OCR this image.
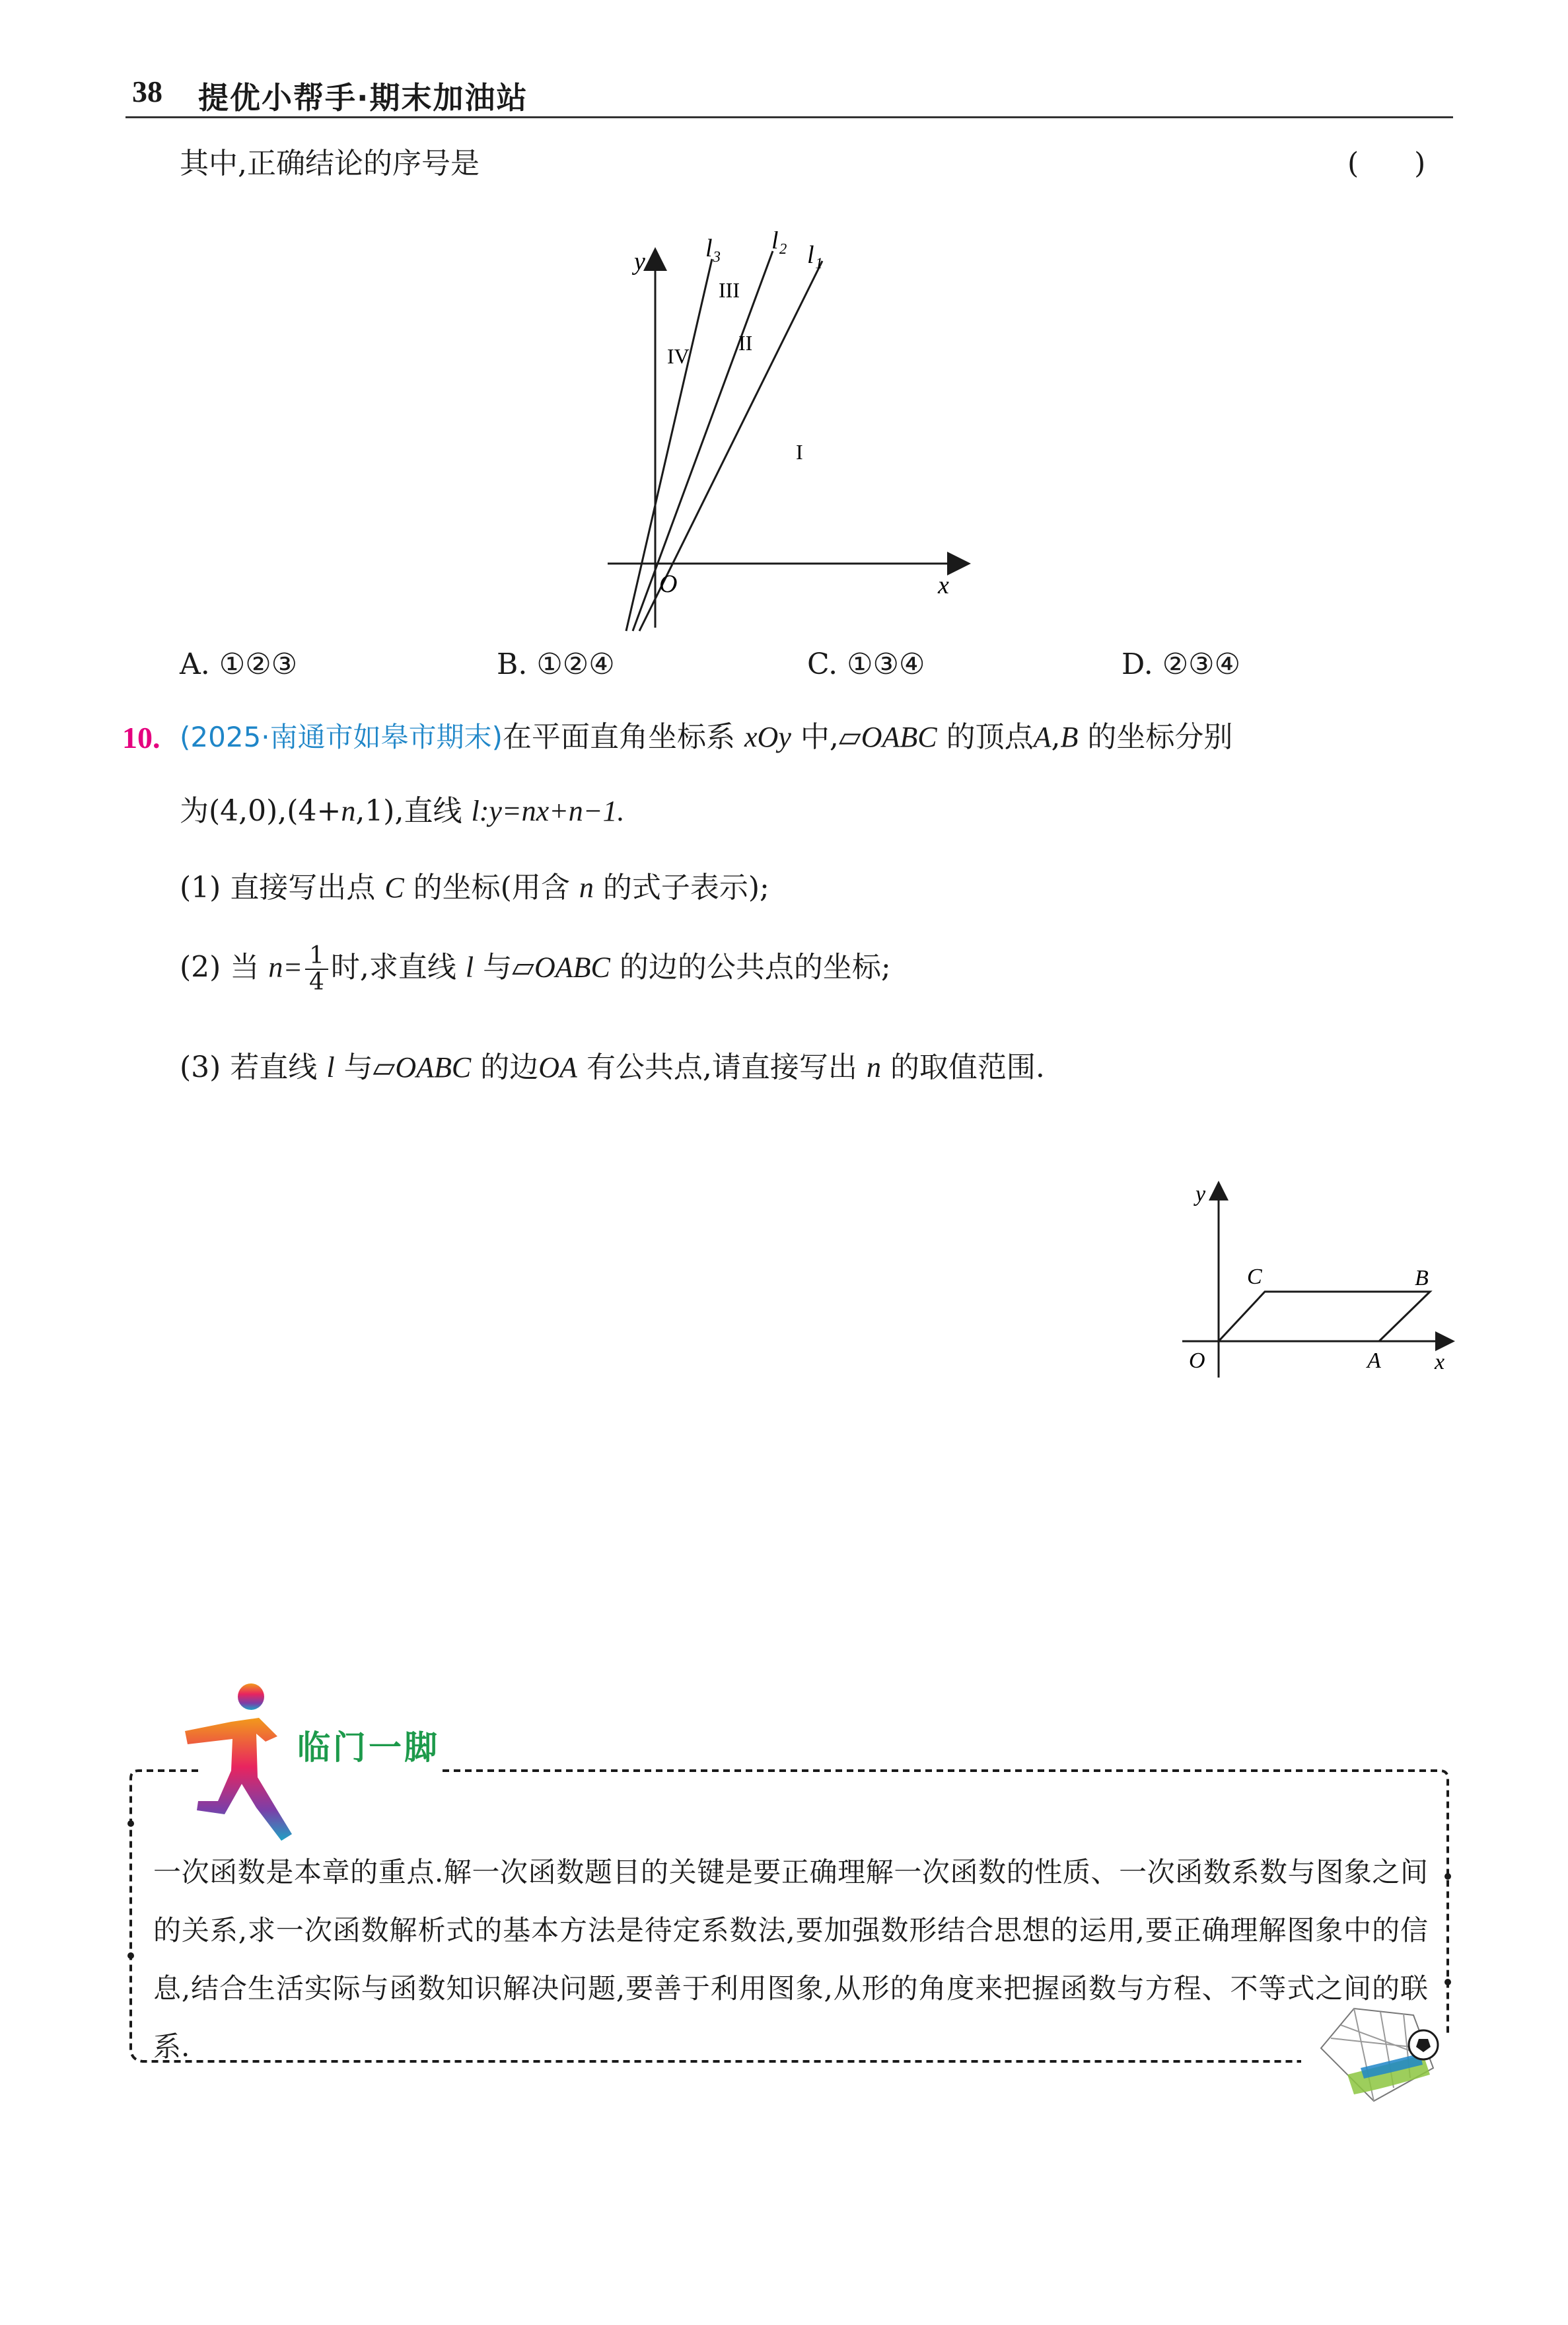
38 提优小帮手·期末加油站
其中,正确结论的序号是	(      )
y
x
O
l₃ l₂
l₁
IV
III
II
I
A. ①②③	B. ①②④	C. ①③④	D. ②③④
10. (2025·南通市如皋市期末)在平面直角坐标系 xOy 中,▱OABC 的顶点A,B 的坐标分别
为(4,0),(4+n,1),直线 l:y=nx+n−1.
(1) 直接写出点 C 的坐标(用含 n 的式子表示);
(2) 当 $n= \frac{1}{4}$ 时,求直线 l 与▱OABC 的边的公共点的坐标;
(3) 若直线 l 与▱OABC 的边OA 有公共点,请直接写出 n 的取值范围.
y
x
O
C	B
A
临门一脚
一次函数是本章的重点.解一次函数题目的关键是要正确理解一次函数的性质、一次函数系数与图象之间的关系,求一次函数解析式的基本方法是待定系数法,要加强数形结合思想的运用,要正确理解图象中的信息,结合生活实际与函数知识解决问题,要善于利用图象,从形的角度来把握函数与方程、不等式之间的联系.
